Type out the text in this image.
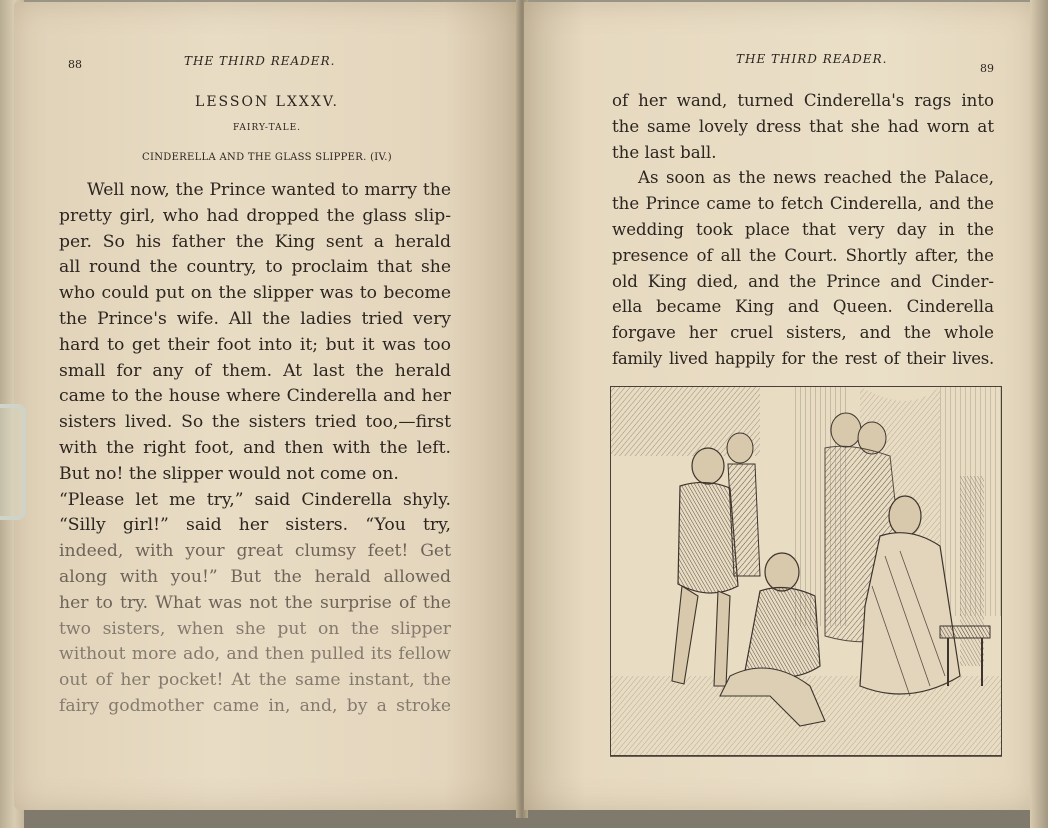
88	THE THIRD READER.
LESSON LXXXV.
FAIRY-TALE.
CINDERELLA AND THE GLASS SLIPPER. (IV.)
Well now, the Prince wanted to marry the
pretty girl, who had dropped the glass slip-
per. So his father the King sent a herald
all round the country, to proclaim that she
who could put on the slipper was to become
the Prince's wife. All the ladies tried very
hard to get their foot into it; but it was too
small for any of them. At last the herald
came to the house where Cinderella and her
sisters lived. So the sisters tried too,—first
with the right foot, and then with the left.
But no! the slipper would not come on.
“Please let me try,” said Cinderella shyly.
“Silly girl!” said her sisters. “You try,
indeed, with your great clumsy feet! Get
along with you!” But the herald allowed
her to try. What was not the surprise of the
two sisters, when she put on the slipper
without more ado, and then pulled its fellow
out of her pocket! At the same instant, the
fairy godmother came in, and, by a stroke
THE THIRD READER.
89
of her wand, turned Cinderella's rags into
the same lovely dress that she had worn at
the last ball.
As soon as the news reached the Palace,
the Prince came to fetch Cinderella, and the
wedding took place that very day in the
presence of all the Court. Shortly after, the
old King died, and the Prince and Cinder-
ella became King and Queen. Cinderella
forgave her cruel sisters, and the whole
family lived happily for the rest of their lives.
